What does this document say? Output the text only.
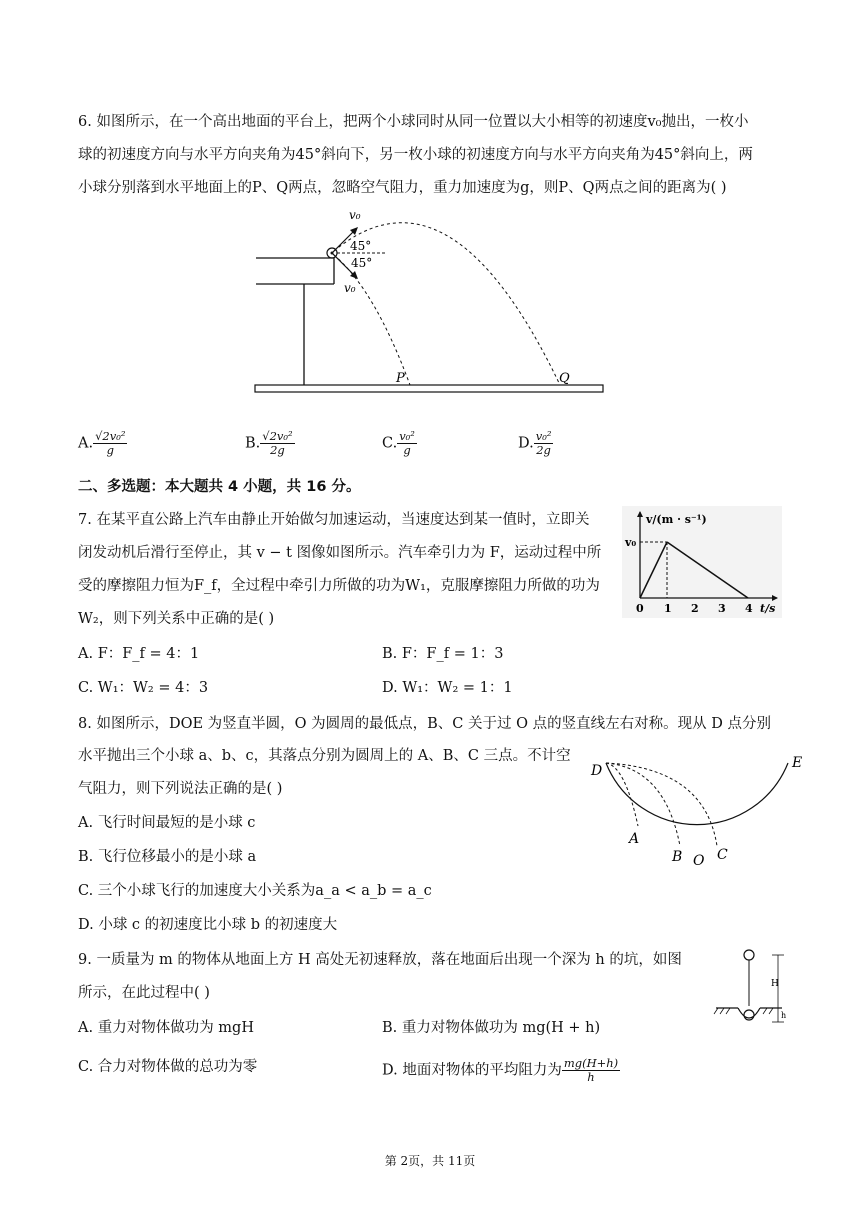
6. 如图所示，在一个高出地面的平台上，把两个小球同时从同一位置以大小相等的初速度v₀抛出，一枚小
球的初速度方向与水平方向夹角为45°斜向下，另一枚小球的初速度方向与水平方向夹角为45°斜向上，两
小球分别落到水平地面上的P、Q两点，忽略空气阻力，重力加速度为g，则P、Q两点之间的距离为( )
v₀
45°
45°
v₀
P	Q
A. $\frac{\text{√2v₀²}}{g}$	B. $\frac{\text{√2v₀²}}{2g}$	C. $\frac{\text{v₀²}}{g}$	D. $\frac{\text{v₀²}}{2g}$
二、多选题：本大题共 4 小题，共 16 分。
7. 在某平直公路上汽车由静止开始做匀加速运动，当速度达到某一值时，立即关
闭发动机后滑行至停止，其 v − t 图像如图所示。汽车牵引力为 F，运动过程中所
受的摩擦阻力恒为F_f，全过程中牵引力所做的功为W₁，克服摩擦阻力所做的功为
W₂，则下列关系中正确的是( )
v/(m · s⁻¹)
v₀
0 1 2 3 4 t/s
A. F：F_f = 4：1	B. F：F_f = 1：3
C. W₁：W₂ = 4：3	D. W₁：W₂ = 1：1
8. 如图所示，DOE 为竖直半圆，O 为圆周的最低点，B、C 关于过 O 点的竖直线左右对称。现从 D 点分别
水平抛出三个小球 a、b、c，其落点分别为圆周上的 A、B、C 三点。不计空
气阻力，则下列说法正确的是( )
D	E
A
B O C
A. 飞行时间最短的是小球 c
B. 飞行位移最小的是小球 a
C. 三个小球飞行的加速度大小关系为a_a < a_b = a_c
D. 小球 c 的初速度比小球 b 的初速度大
9. 一质量为 m 的物体从地面上方 H 高处无初速释放，落在地面后出现一个深为 h 的坑，如图
所示，在此过程中( )
H
h
A. 重力对物体做功为 mgH	B. 重力对物体做功为 mg(H + h)
C. 合力对物体做的总功为零	D. 地面对物体的平均阻力为 $\frac{mg(H+h)}{h}$
第 2页，共 11页
